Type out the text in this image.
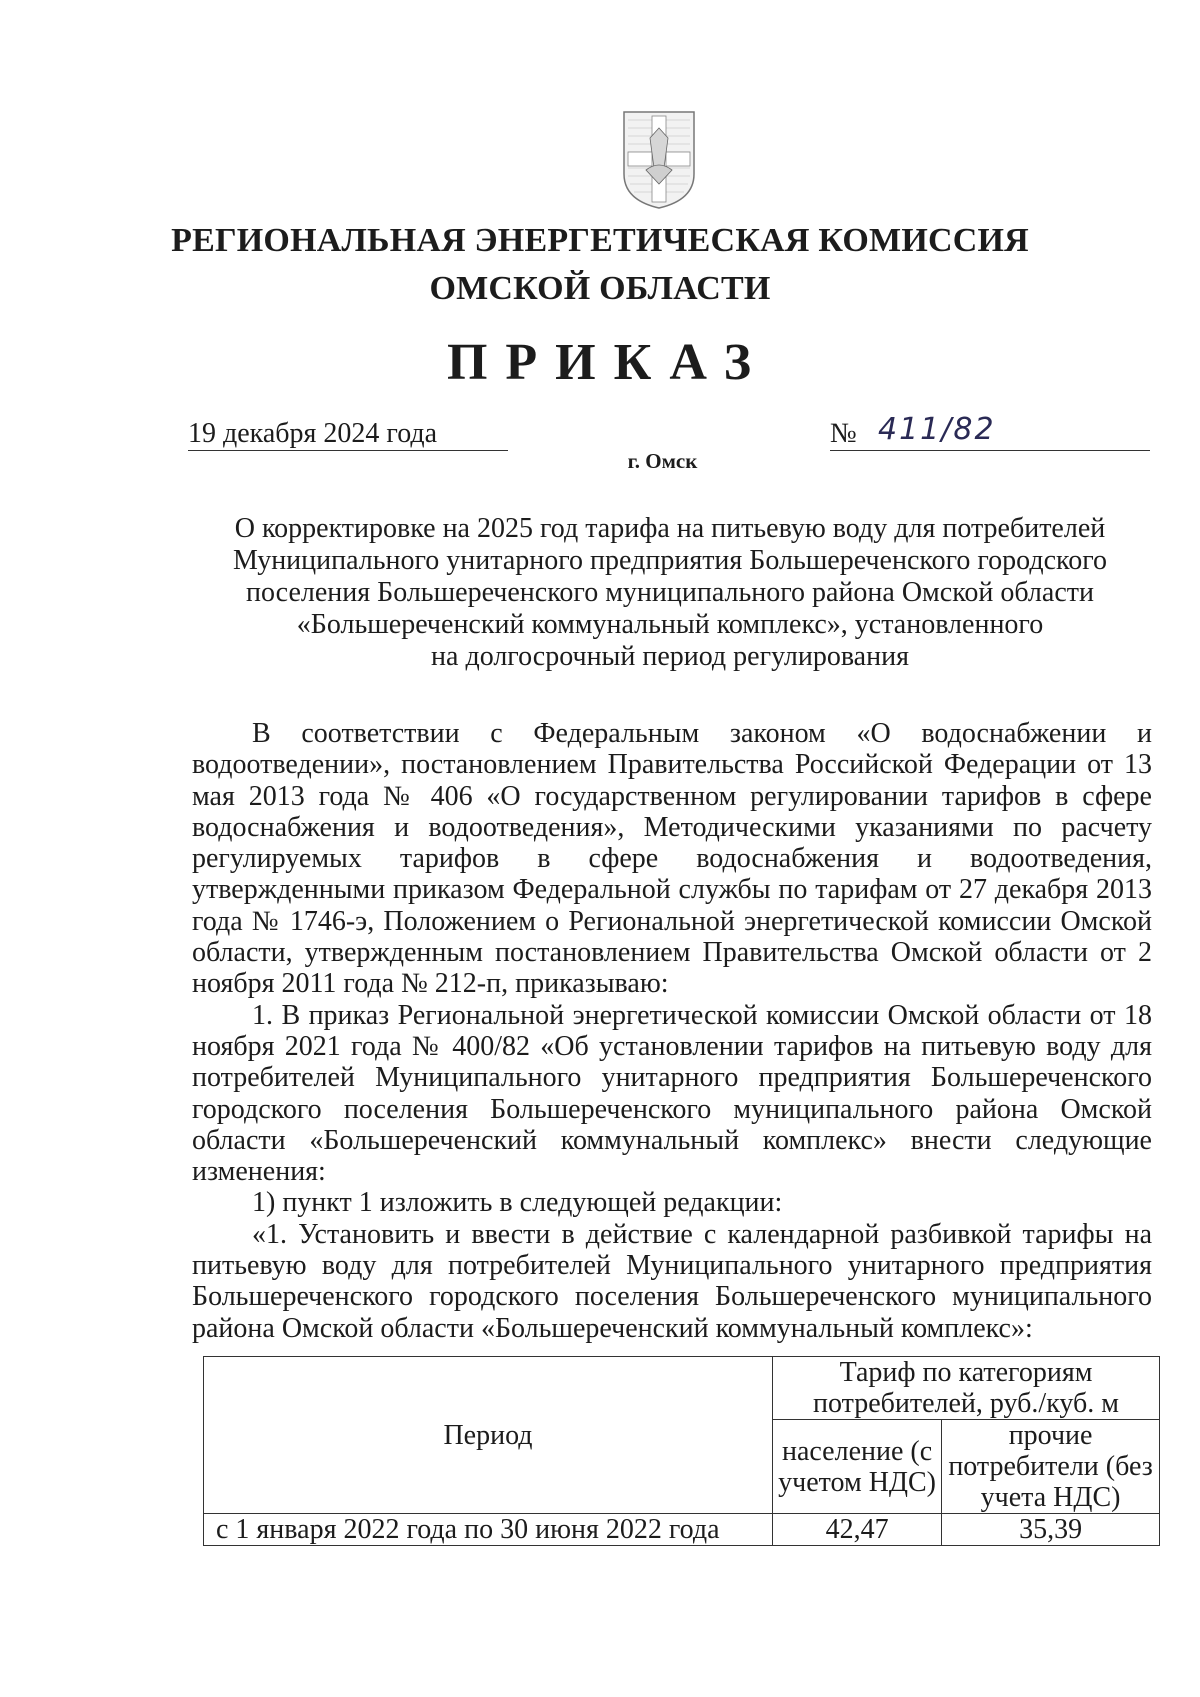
РЕГИОНАЛЬНАЯ ЭНЕРГЕТИЧЕСКАЯ КОМИССИЯ
ОМСКОЙ ОБЛАСТИ
ПРИКАЗ
19 декабря 2024 года	№ 411/82
г. Омск
О корректировке на 2025 год тарифа на питьевую воду для потребителей
Муниципального унитарного предприятия Большереченского городского
поселения Большереченского муниципального района Омской области
«Большереченский коммунальный комплекс», установленного
на долгосрочный период регулирования

В соответствии с Федеральным законом «О водоснабжении и водоотведении», постановлением Правительства Российской Федерации от 13 мая 2013 года № 406 «О государственном регулировании тарифов в сфере водоснабжения и водоотведения», Методическими указаниями по расчету регулируемых тарифов в сфере водоснабжения и водоотведения, утвержденными приказом Федеральной службы по тарифам от 27 декабря 2013 года № 1746-э, Положением о Региональной энергетической комиссии Омской области, утвержденным постановлением Правительства Омской области от 2 ноября 2011 года № 212-п, приказываю:

1. В приказ Региональной энергетической комиссии Омской области от 18 ноября 2021 года № 400/82 «Об установлении тарифов на питьевую воду для потребителей Муниципального унитарного предприятия Большереченского городского поселения Большереченского муниципального района Омской области «Большереченский коммунальный комплекс» внести следующие изменения:

1) пункт 1 изложить в следующей редакции:

«1. Установить и ввести в действие с календарной разбивкой тарифы на питьевую воду для потребителей Муниципального унитарного предприятия Большереченского городского поселения Большереченского муниципального района Омской области «Большереченский коммунальный комплекс»:

Период	Тариф по категориям потребителей, руб./куб. м	
	население (с учетом НДС)	прочие потребители (без учета НДС)
с 1 января 2022 года по 30 июня 2022 года	42,47	35,39
